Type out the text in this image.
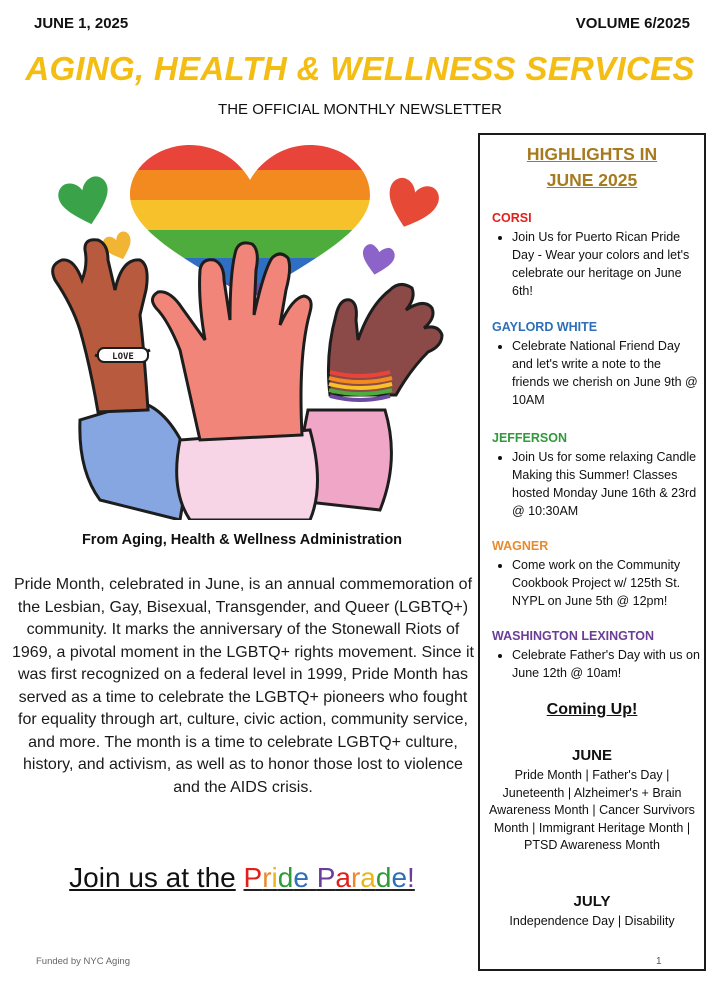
JUNE 1, 2025	VOLUME 6/2025
AGING, HEALTH & WELLNESS SERVICES
THE OFFICIAL MONTHLY NEWSLETTER
LOVE
From Aging, Health & Wellness Administration
Pride Month, celebrated in June, is an annual commemoration of the Lesbian, Gay, Bisexual, Transgender, and Queer (LGBTQ+) community. It marks the anniversary of the Stonewall Riots of 1969, a pivotal moment in the LGBTQ+ rights movement. Since it was first recognized on a federal level in 1999, Pride Month has served as a time to celebrate the LGBTQ+ pioneers who fought for equality through art, culture, civic action, community service, and more. The month is a time to celebrate LGBTQ+ culture, history, and activism, as well as to honor those lost to violence and the AIDS crisis.
Join us at the Pride Parade!
Funded by NYC Aging	1
HIGHLIGHTS IN
JUNE 2025
CORSI
• Join Us for Puerto Rican Pride Day - Wear your colors and let's celebrate our heritage on June 6th!
GAYLORD WHITE
• Celebrate National Friend Day and let's write a note to the friends we cherish on June 9th @ 10AM
JEFFERSON
• Join Us for some relaxing Candle Making this Summer! Classes hosted Monday June 16th & 23rd @ 10:30AM
WAGNER
• Come work on the Community Cookbook Project w/ 125th St. NYPL on June 5th @ 12pm!
WASHINGTON LEXINGTON
• Celebrate Father's Day with us on June 12th @ 10am!
Coming Up!
JUNE
Pride Month | Father's Day | Juneteenth | Alzheimer's + Brain Awareness Month | Cancer Survivors Month | Immigrant Heritage Month | PTSD Awareness Month
JULY
Independence Day | Disability
